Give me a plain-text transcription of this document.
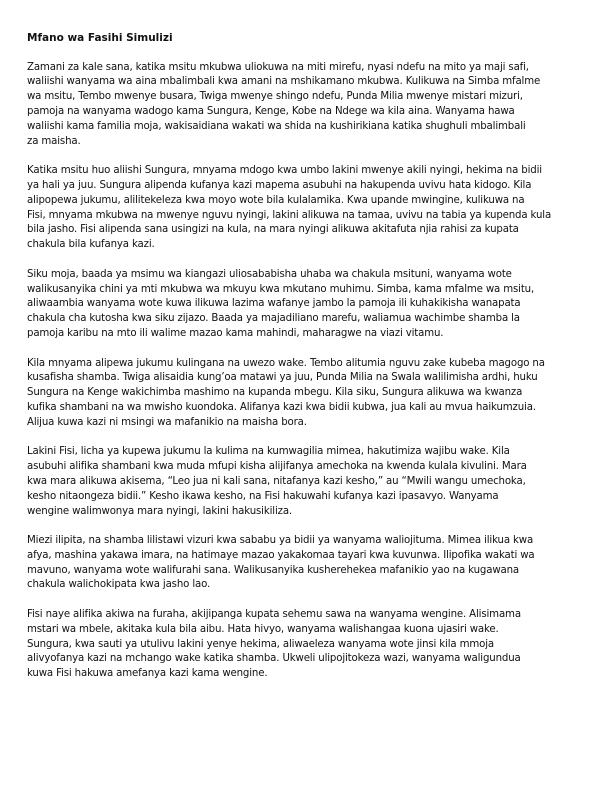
Mfano wa Fasihi Simulizi

Zamani za kale sana, katika msitu mkubwa uliokuwa na miti mirefu, nyasi ndefu na mito ya maji safi,
waliishi wanyama wa aina mbalimbali kwa amani na mshikamano mkubwa. Kulikuwa na Simba mfalme
wa msitu, Tembo mwenye busara, Twiga mwenye shingo ndefu, Punda Milia mwenye mistari mizuri,
pamoja na wanyama wadogo kama Sungura, Kenge, Kobe na Ndege wa kila aina. Wanyama hawa
waliishi kama familia moja, wakisaidiana wakati wa shida na kushirikiana katika shughuli mbalimbali
za maisha.

Katika msitu huo aliishi Sungura, mnyama mdogo kwa umbo lakini mwenye akili nyingi, hekima na bidii
ya hali ya juu. Sungura alipenda kufanya kazi mapema asubuhi na hakupenda uvivu hata kidogo. Kila
alipopewa jukumu, alilitekeleza kwa moyo wote bila kulalamika. Kwa upande mwingine, kulikuwa na
Fisi, mnyama mkubwa na mwenye nguvu nyingi, lakini alikuwa na tamaa, uvivu na tabia ya kupenda kula
bila jasho. Fisi alipenda sana usingizi na kula, na mara nyingi alikuwa akitafuta njia rahisi za kupata
chakula bila kufanya kazi.

Siku moja, baada ya msimu wa kiangazi uliosababisha uhaba wa chakula msituni, wanyama wote
walikusanyika chini ya mti mkubwa wa mkuyu kwa mkutano muhimu. Simba, kama mfalme wa msitu,
aliwaambia wanyama wote kuwa ilikuwa lazima wafanye jambo la pamoja ili kuhakikisha wanapata
chakula cha kutosha kwa siku zijazo. Baada ya majadiliano marefu, waliamua wachimbe shamba la
pamoja karibu na mto ili walime mazao kama mahindi, maharagwe na viazi vitamu.

Kila mnyama alipewa jukumu kulingana na uwezo wake. Tembo alitumia nguvu zake kubeba magogo na
kusafisha shamba. Twiga alisaidia kung’oa matawi ya juu, Punda Milia na Swala walilimisha ardhi, huku
Sungura na Kenge wakichimba mashimo na kupanda mbegu. Kila siku, Sungura alikuwa wa kwanza
kufika shambani na wa mwisho kuondoka. Alifanya kazi kwa bidii kubwa, jua kali au mvua haikumzuia.
Alijua kuwa kazi ni msingi wa mafanikio na maisha bora.

Lakini Fisi, licha ya kupewa jukumu la kulima na kumwagilia mimea, hakutimiza wajibu wake. Kila
asubuhi alifika shambani kwa muda mfupi kisha alijifanya amechoka na kwenda kulala kivulini. Mara
kwa mara alikuwa akisema, “Leo jua ni kali sana, nitafanya kazi kesho,” au “Mwili wangu umechoka,
kesho nitaongeza bidii.” Kesho ikawa kesho, na Fisi hakuwahi kufanya kazi ipasavyo. Wanyama
wengine walimwonya mara nyingi, lakini hakusikiliza.

Miezi ilipita, na shamba lilistawi vizuri kwa sababu ya bidii ya wanyama waliojituma. Mimea ilikua kwa
afya, mashina yakawa imara, na hatimaye mazao yakakomaa tayari kwa kuvunwa. Ilipofika wakati wa
mavuno, wanyama wote walifurahi sana. Walikusanyika kusherehekea mafanikio yao na kugawana
chakula walichokipata kwa jasho lao.

Fisi naye alifika akiwa na furaha, akijipanga kupata sehemu sawa na wanyama wengine. Alisimama
mstari wa mbele, akitaka kula bila aibu. Hata hivyo, wanyama walishangaa kuona ujasiri wake.
Sungura, kwa sauti ya utulivu lakini yenye hekima, aliwaeleza wanyama wote jinsi kila mmoja
alivyofanya kazi na mchango wake katika shamba. Ukweli ulipojitokeza wazi, wanyama waligundua
kuwa Fisi hakuwa amefanya kazi kama wengine.
